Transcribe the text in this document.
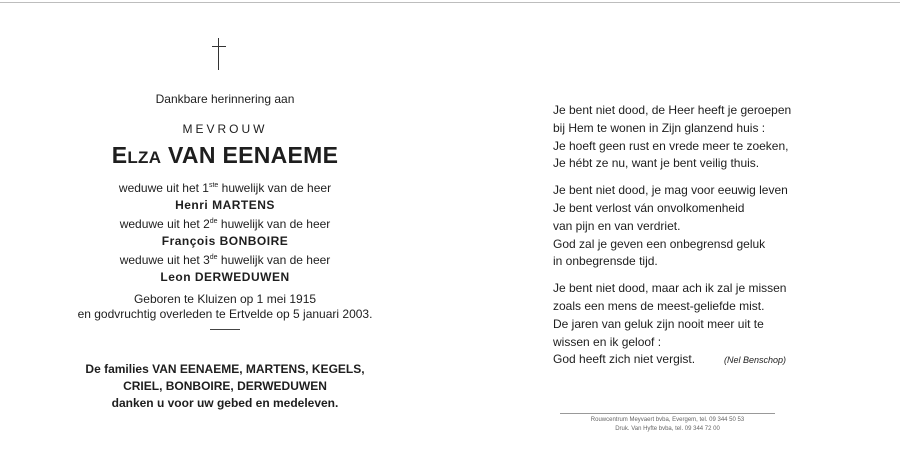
Dankbare herinnering aan
MEVROUW
ELZA VAN EENAEME
weduwe uit het 1ste huwelijk van de heer
Henri MARTENS
weduwe uit het 2de huwelijk van de heer
François BONBOIRE
weduwe uit het 3de huwelijk van de heer
Leon DERWEDUWEN
Geboren te Kluizen op 1 mei 1915
en godvruchtig overleden te Ertvelde op 5 januari 2003.
De families VAN EENAEME, MARTENS, KEGELS,
CRIEL, BONBOIRE, DERWEDUWEN
danken u voor uw gebed en medeleven.
Je bent niet dood, de Heer heeft je geroepen
bij Hem te wonen in Zijn glanzend huis :
Je hoeft geen rust en vrede meer te zoeken,
Je hébt ze nu, want je bent veilig thuis.
Je bent niet dood, je mag voor eeuwig leven
Je bent verlost ván onvolkomenheid
van pijn en van verdriet.
God zal je geven een onbegrensd geluk
in onbegrensde tijd.
Je bent niet dood, maar ach ik zal je missen
zoals een mens de meest-geliefde mist.
De jaren van geluk zijn nooit meer uit te
wissen en ik geloof :
God heeft zich niet vergist.	(Nel Benschop)
Rouwcentrum Meyvaert bvba, Evergem, tel. 09 344 50 53
Druk. Van Hyfte bvba, tel. 09 344 72 00
